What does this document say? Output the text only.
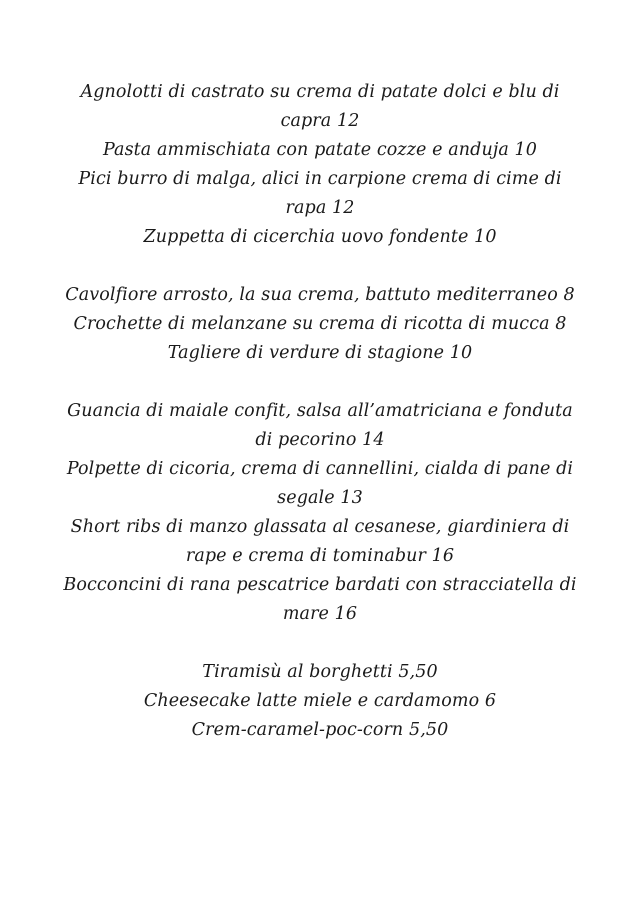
Agnolotti di castrato su crema di patate dolci e blu di capra 12
Pasta ammischiata con patate cozze e anduja 10
Pici burro di malga, alici in carpione crema di cime di rapa 12
Zuppetta di cicerchia uovo fondente 10
Cavolfiore arrosto, la sua crema, battuto mediterraneo 8
Crochette di melanzane su crema di ricotta di mucca 8
Tagliere di verdure di stagione 10
Guancia di maiale confit, salsa all’amatriciana e fonduta di pecorino 14
Polpette di cicoria, crema di cannellini, cialda di pane di segale 13
Short ribs di manzo glassata al cesanese, giardiniera di rape e crema di tominabur 16
Bocconcini di rana pescatrice bardati con stracciatella di mare 16
Tiramisù al borghetti 5,50
Cheesecake latte miele e cardamomo 6
Crem-caramel-poc-corn 5,50
